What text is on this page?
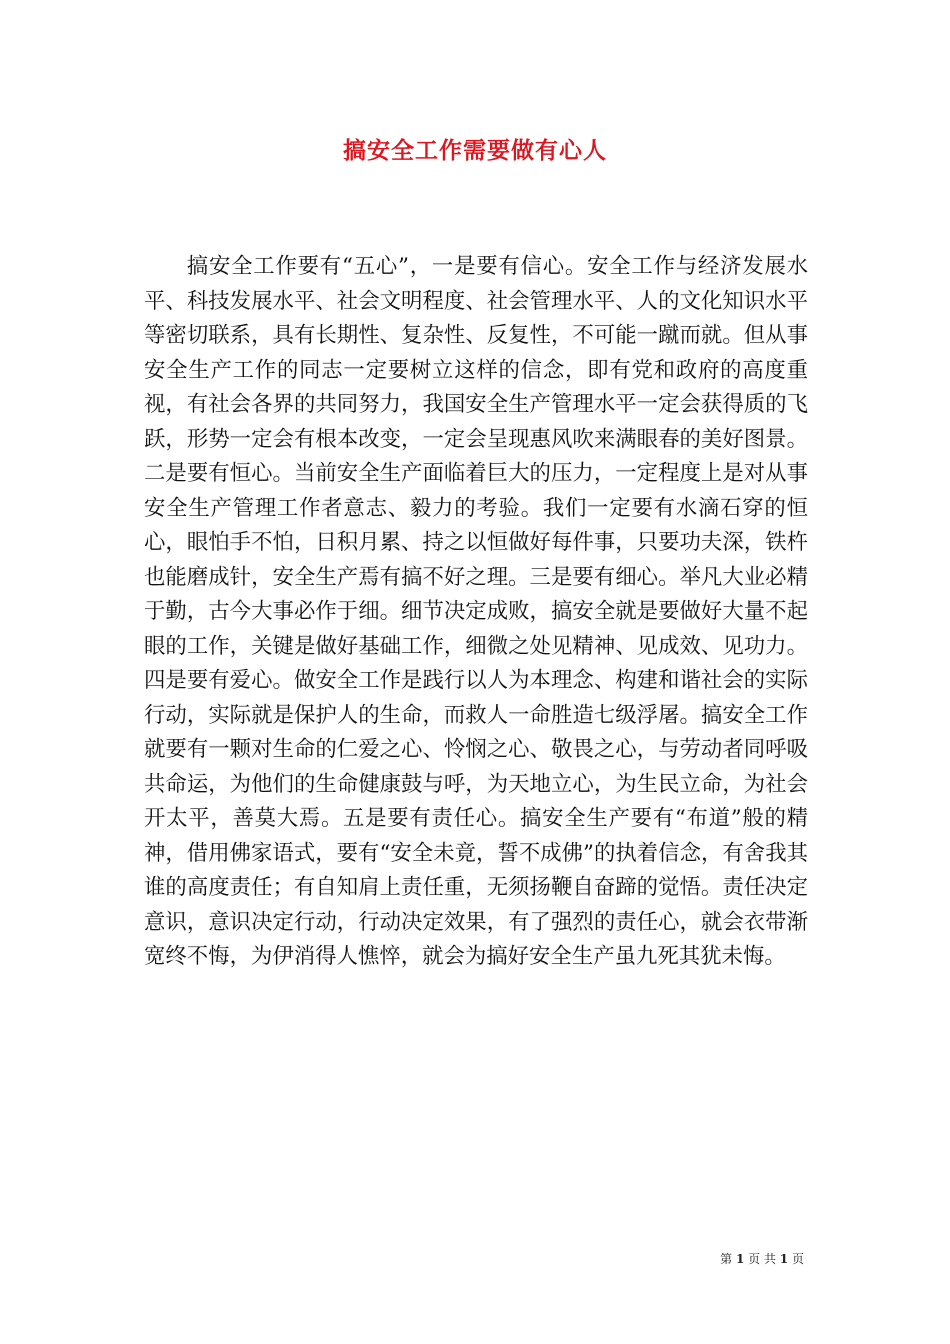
搞安全工作需要做有心人

搞安全工作要有“五心”，一是要有信心。安全工作与经济发展水平、科技发展水平、社会文明程度、社会管理水平、人的文化知识水平等密切联系，具有长期性、复杂性、反复性，不可能一蹴而就。但从事安全生产工作的同志一定要树立这样的信念，即有党和政府的高度重视，有社会各界的共同努力，我国安全生产管理水平一定会获得质的飞跃，形势一定会有根本改变，一定会呈现惠风吹来满眼春的美好图景。二是要有恒心。当前安全生产面临着巨大的压力，一定程度上是对从事安全生产管理工作者意志、毅力的考验。我们一定要有水滴石穿的恒心，眼怕手不怕，日积月累、持之以恒做好每件事，只要功夫深，铁杵也能磨成针，安全生产焉有搞不好之理。三是要有细心。举凡大业必精于勤，古今大事必作于细。细节决定成败，搞安全就是要做好大量不起眼的工作，关键是做好基础工作，细微之处见精神、见成效、见功力。四是要有爱心。做安全工作是践行以人为本理念、构建和谐社会的实际行动，实际就是保护人的生命，而救人一命胜造七级浮屠。搞安全工作就要有一颗对生命的仁爱之心、怜悯之心、敬畏之心，与劳动者同呼吸共命运，为他们的生命健康鼓与呼，为天地立心，为生民立命，为社会开太平，善莫大焉。五是要有责任心。搞安全生产要有“布道”般的精神，借用佛家语式，要有“安全未竟，誓不成佛”的执着信念，有舍我其谁的高度责任；有自知肩上责任重，无须扬鞭自奋蹄的觉悟。责任决定意识，意识决定行动，行动决定效果，有了强烈的责任心，就会衣带渐宽终不悔，为伊消得人憔悴，就会为搞好安全生产虽九死其犹未悔。

第 1 页 共 1 页
